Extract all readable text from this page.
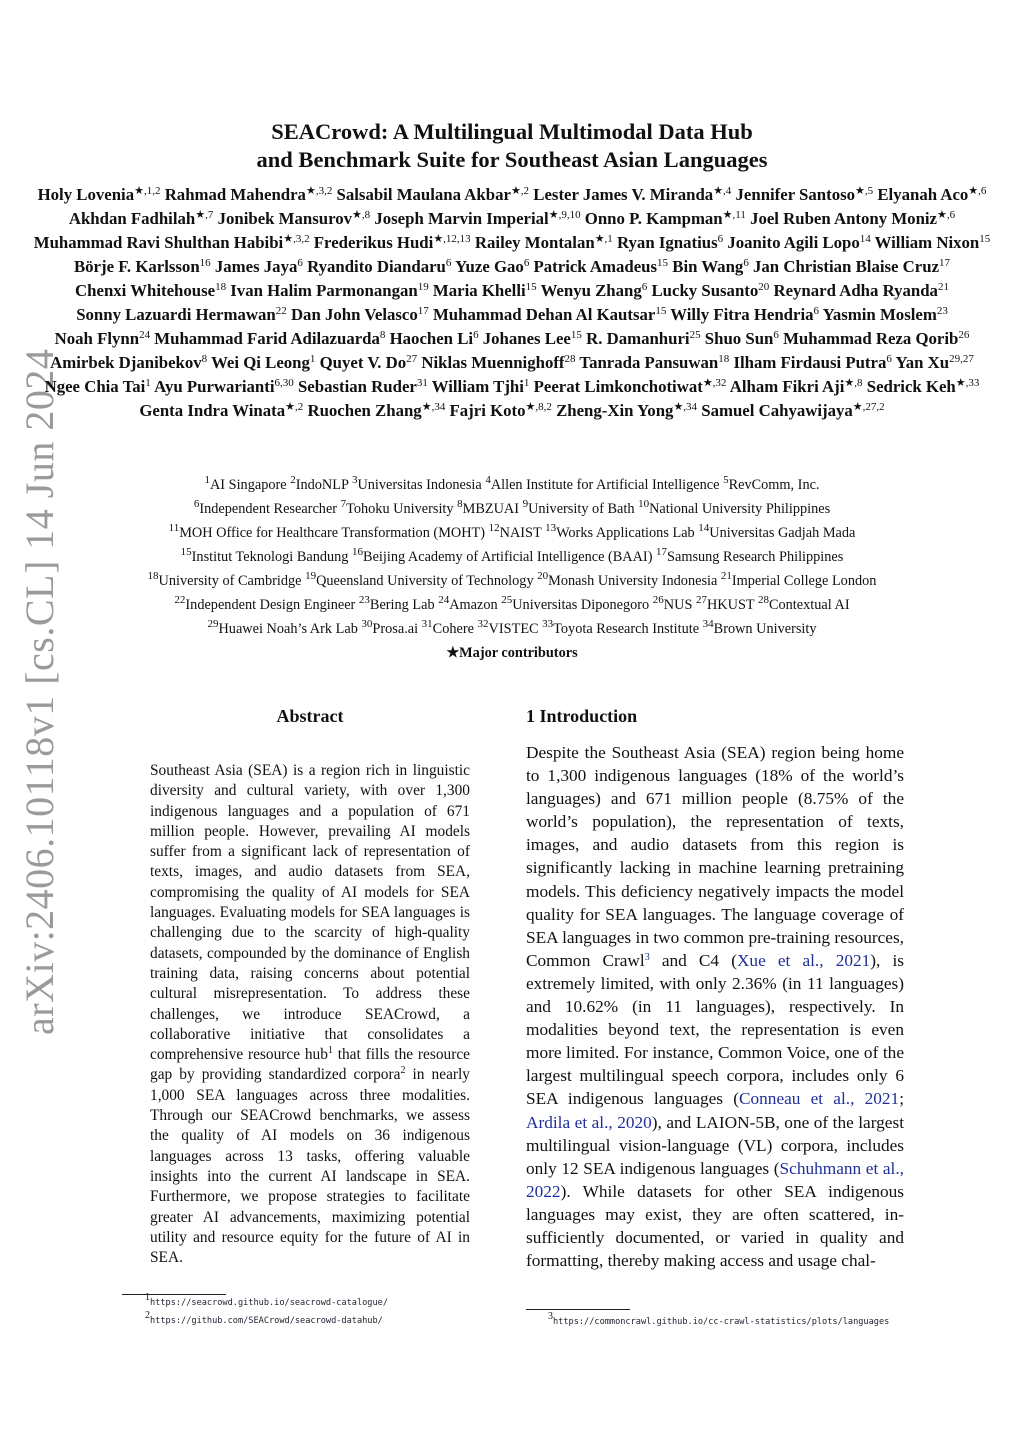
arXiv:2406.10118v1 [cs.CL] 14 Jun 2024
SEACrowd: A Multilingual Multimodal Data Hub
and Benchmark Suite for Southeast Asian Languages
Holy Lovenia$^{★,1,2}$ Rahmad Mahendra$^{★,3,2}$ Salsabil Maulana Akbar$^{★,2}$ Lester James V. Miranda$^{★,4}$ Jennifer Santoso$^{★,5}$ Elyanah Aco$^{★,6}$ Akhdan Fadhilah$^{★,7}$ Jonibek Mansurov$^{★,8}$ Joseph Marvin Imperial$^{★,9,10}$ Onno P. Kampman$^{★,11}$ Joel Ruben Antony Moniz$^{★,6}$ Muhammad Ravi Shulthan Habibi$^{★,3,2}$ Frederikus Hudi$^{★,12,13}$ Railey Montalan$^{★,1}$ Ryan Ignatius$^6$ Joanito Agili Lopo$^{14}$ William Nixon$^{15}$ Börje F. Karlsson$^{16}$ James Jaya$^6$ Ryandito Diandaru$^6$ Yuze Gao$^6$ Patrick Amadeus$^{15}$ Bin Wang$^6$ Jan Christian Blaise Cruz$^{17}$ Chenxi Whitehouse$^{18}$ Ivan Halim Parmonangan$^{19}$ Maria Khelli$^{15}$ Wenyu Zhang$^6$ Lucky Susanto$^{20}$ Reynard Adha Ryanda$^{21}$ Sonny Lazuardi Hermawan$^{22}$ Dan John Velasco$^{17}$ Muhammad Dehan Al Kautsar$^{15}$ Willy Fitra Hendria$^6$ Yasmin Moslem$^{23}$ Noah Flynn$^{24}$ Muhammad Farid Adilazuarda$^8$ Haochen Li$^6$ Johanes Lee$^{15}$ R. Damanhuri$^{25}$ Shuo Sun$^6$ Muhammad Reza Qorib$^{26}$ Amirbek Djanibekov$^8$ Wei Qi Leong$^1$ Quyet V. Do$^{27}$ Niklas Muennighoff$^{28}$ Tanrada Pansuwan$^{18}$ Ilham Firdausi Putra$^6$ Yan Xu$^{29,27}$ Ngee Chia Tai$^1$ Ayu Purwarianti$^{6,30}$ Sebastian Ruder$^{31}$ William Tjhi$^1$ Peerat Limkonchotiwat$^{★,32}$ Alham Fikri Aji$^{★,8}$ Sedrick Keh$^{★,33}$ Genta Indra Winata$^{★,2}$ Ruochen Zhang$^{★,34}$ Fajri Koto$^{★,8,2}$ Zheng-Xin Yong$^{★,34}$ Samuel Cahyawijaya$^{★,27,2}$
$^1$AI Singapore $^2$IndoNLP $^3$Universitas Indonesia $^4$Allen Institute for Artificial Intelligence $^5$RevComm, Inc.
$^6$Independent Researcher $^7$Tohoku University $^8$MBZUAI $^9$University of Bath $^{10}$National University Philippines
$^{11}$MOH Office for Healthcare Transformation (MOHT) $^{12}$NAIST $^{13}$Works Applications Lab $^{14}$Universitas Gadjah Mada
$^{15}$Institut Teknologi Bandung $^{16}$Beijing Academy of Artificial Intelligence (BAAI) $^{17}$Samsung Research Philippines
$^{18}$University of Cambridge $^{19}$Queensland University of Technology $^{20}$Monash University Indonesia $^{21}$Imperial College London
$^{22}$Independent Design Engineer $^{23}$Bering Lab $^{24}$Amazon $^{25}$Universitas Diponegoro $^{26}$NUS $^{27}$HKUST $^{28}$Contextual AI
$^{29}$Huawei Noah’s Ark Lab $^{30}$Prosa.ai $^{31}$Cohere $^{32}$VISTEC $^{33}$Toyota Research Institute $^{34}$Brown University
★Major contributors
Abstract
Southeast Asia (SEA) is a region rich in linguistic diversity and cultural variety, with over 1,300 indigenous languages and a population of 671 million people. However, prevailing AI models suffer from a significant lack of representation of texts, images, and audio datasets from SEA, compromising the quality of AI models for SEA languages. Evaluating models for SEA languages is challenging due to the scarcity of high-quality datasets, compounded by the dominance of English training data, raising concerns about potential cultural misrepresentation. To address these challenges, we introduce SEACrowd, a collaborative initiative that consolidates a comprehensive resource hub$^1$ that fills the resource gap by providing standardized corpora$^2$ in nearly 1,000 SEA languages across three modalities. Through our SEACrowd benchmarks, we assess the quality of AI models on 36 indigenous languages across 13 tasks, offering valuable insights into the current AI landscape in SEA. Furthermore, we propose strategies to facilitate greater AI advancements, maximizing potential utility and resource equity for the future of AI in SEA.
1 Introduction
Despite the Southeast Asia (SEA) region being home to 1,300 indigenous languages (18% of the world’s languages) and 671 million people (8.75% of the world’s population), the representation of texts, images, and audio datasets from this region is significantly lacking in machine learning pretraining models. This deficiency negatively impacts the model quality for SEA languages. The language coverage of SEA languages in two common pre-training resources, Common Crawl$^3$ and C4 (Xue et al., 2021), is extremely limited, with only 2.36% (in 11 languages) and 10.62% (in 11 languages), respectively. In modalities beyond text, the representation is even more limited. For instance, Common Voice, one of the largest multilingual speech corpora, includes only 6 SEA indigenous languages (Conneau et al., 2021; Ardila et al., 2020), and LAION-5B, one of the largest multilingual vision-language (VL) corpora, includes only 12 SEA indigenous languages (Schuhmann et al., 2022). While datasets for other SEA indigenous languages may exist, they are often scattered, insufficiently documented, or varied in quality and formatting, thereby making access and usage chal-
$^1$https://seacrowd.github.io/seacrowd-catalogue/
$^2$https://github.com/SEACrowd/seacrowd-datahub/	$^3$https://commoncrawl.github.io/cc-crawl-statistics/plots/languages
